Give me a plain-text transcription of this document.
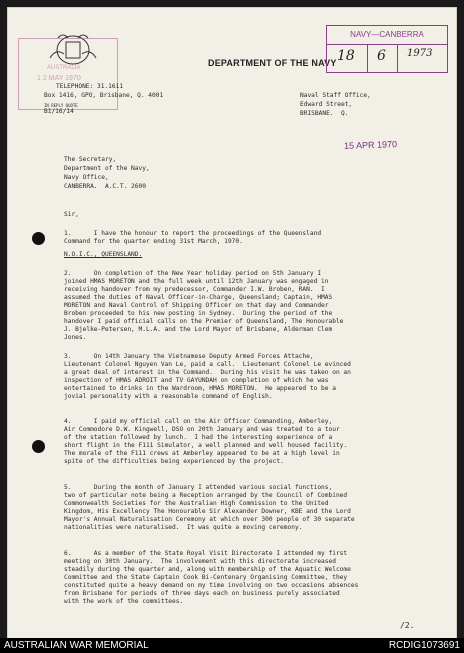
AUSTRALIA
1 2 MAY 1970
DEPARTMENT OF THE NAVY
NAVY—CANBERRA
18 6 1973
TELEPHONE: 31.1611
Box 1416, GPO, Brisbane, Q. 4001
IN REPLY QUOTE
B1/16/14
Naval Staff Office,
Edward Street,
BRISBANE.  Q.
15 APR 1970
The Secretary,
Department of the Navy,
Navy Office,
CANBERRA.  A.C.T. 2600
Sir,
1.      I have the honour to report the proceedings of the Queensland
Command for the quarter ending 31st March, 1970.
N.O.I.C., QUEENSLAND.
2.      On completion of the New Year holiday period on 5th January I
joined HMAS MORETON and the full week until 12th January was engaged in
receiving handover from my predecessor, Commander I.W. Broben, RAN.  I
assumed the duties of Naval Officer-in-Charge, Queensland; Captain, HMAS
MORETON and Naval Control of Shipping Officer on that day and Commander
Broben proceeded to his new posting in Sydney.  During the period of the
handover I paid official calls on the Premier of Queensland, The Honourable
J. Bjelke-Petersen, M.L.A. and the Lord Mayor of Brisbane, Alderman Clem
Jones.
3.      On 14th January the Vietnamese Deputy Armed Forces Attache,
Lieutenant Colonel Nguyen Van Le, paid a call.  Lieutenant Colonel Le evinced
a great deal of interest in the Command.  During his visit he was taken on an
inspection of HMAS ADROIT and TV GAYUNDAH on completion of which he was
entertained to drinks in the Wardroom, HMAS MORETON.  He appeared to be a
jovial personality with a reasonable command of English.
4.      I paid my official call on the Air Officer Commanding, Amberley,
Air Commodore D.W. Kingwell, DSO on 20th January and was treated to a tour
of the station followed by lunch.  I had the interesting experience of a
short flight in the F111 Simulator, a well planned and well housed facility.
The morale of the F111 crews at Amberley appeared to be at a high level in
spite of the difficulties being experienced by the project.
5.      During the month of January I attended various social functions,
two of particular note being a Reception arranged by the Council of Combined
Commonwealth Societies for the Australian High Commission to the United
Kingdom, His Excellency The Honourable Sir Alexander Downer, KBE and the Lord
Mayor's Annual Naturalisation Ceremony at which over 300 people of 30 separate
nationalities were naturalised.  It was quite a moving ceremony.
6.      As a member of the State Royal Visit Directorate I attended my first
meeting on 30th January.  The involvement with this directorate increased
steadily during the quarter and, along with membership of the Aquatic Welcome
Committee and the State Captain Cook Bi-Centenary Organising Committee, they
constituted quite a heavy demand on my time involving on two occasions absences
from Brisbane for periods of three days each on business purely associated
with the work of the committees.
/2.
AUSTRALIAN WAR MEMORIAL	RCDIG1073691
